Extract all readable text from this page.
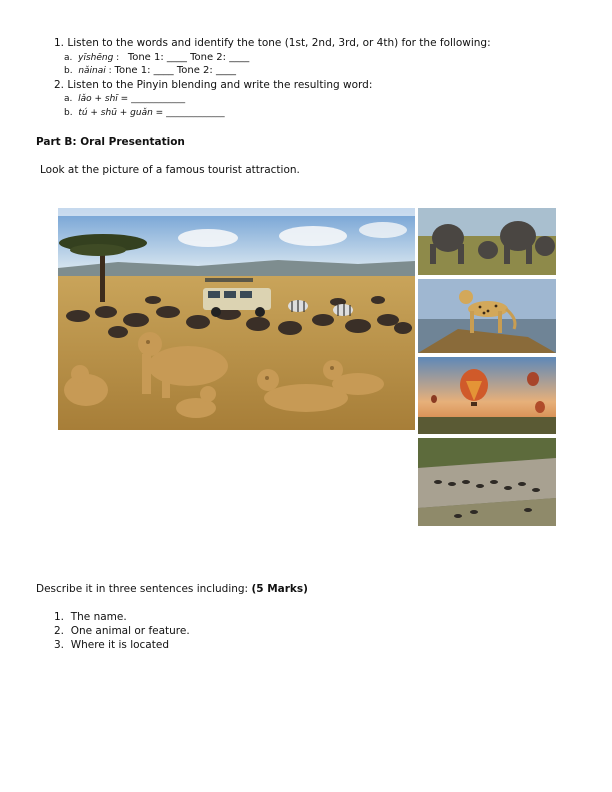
1. Listen to the words and identify the tone (1st, 2nd, 3rd, or 4th) for the following:
a. yīshēng : Tone 1: ____ Tone 2: ____
b. nǎinai : Tone 1: ____ Tone 2: ____
2. Listen to the Pinyin blending and write the resulting word:
a. lǎo + shī = ____________
b. tú + shū + guǎn = _____________
Part B: Oral Presentation
Look at the picture of a famous tourist attraction.
Describe it in three sentences including: (5 Marks)
1. The name.
2. One animal or feature.
3. Where it is located
